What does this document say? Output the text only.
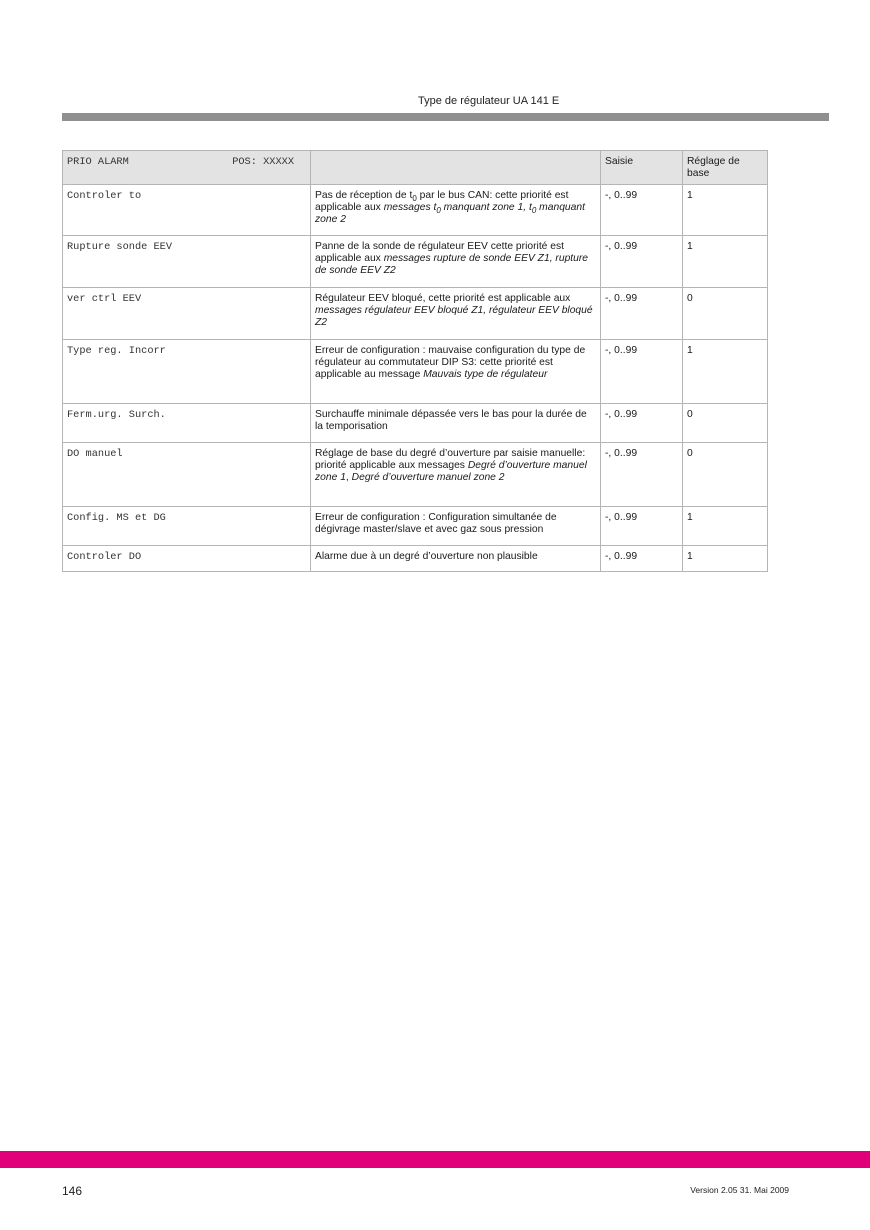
Type de régulateur UA 141 E
PRIO ALARM POS: XXXXX		Saisie	Réglage de base
Controler to	Pas de réception de $t_0$ par le bus CAN: cette priorité est applicable aux messages $t_0$ manquant zone 1, $t_0$ manquant zone 2	-, 0..99	1
Rupture sonde EEV	Panne de la sonde de régulateur EEV cette priorité est applicable aux messages rupture de sonde EEV Z1, rupture de sonde EEV Z2	-, 0..99	1
ver ctrl EEV	Régulateur EEV bloqué, cette priorité est applicable aux messages régulateur EEV bloqué Z1, régulateur EEV bloqué Z2	-, 0..99	0
Type reg. Incorr	Erreur de configuration : mauvaise configuration du type de régulateur au commutateur DIP S3: cette priorité est applicable au message Mauvais type de régulateur	-, 0..99	1
Ferm.urg. Surch.	Surchauffe minimale dépassée vers le bas pour la durée de la temporisation	-, 0..99	0
DO manuel	Réglage de base du degré d’ouverture par saisie manuelle: priorité applicable aux messages Degré d’ouverture manuel zone 1, Degré d’ouverture manuel zone 2	-, 0..99	0
Config. MS et DG	Erreur de configuration : Configuration simultanée de dégivrage master/slave et avec gaz sous pression	-, 0..99	1
Controler DO	Alarme due à un degré d’ouverture non plausible	-, 0..99	1
146	Version 2.05 31. Mai 2009
